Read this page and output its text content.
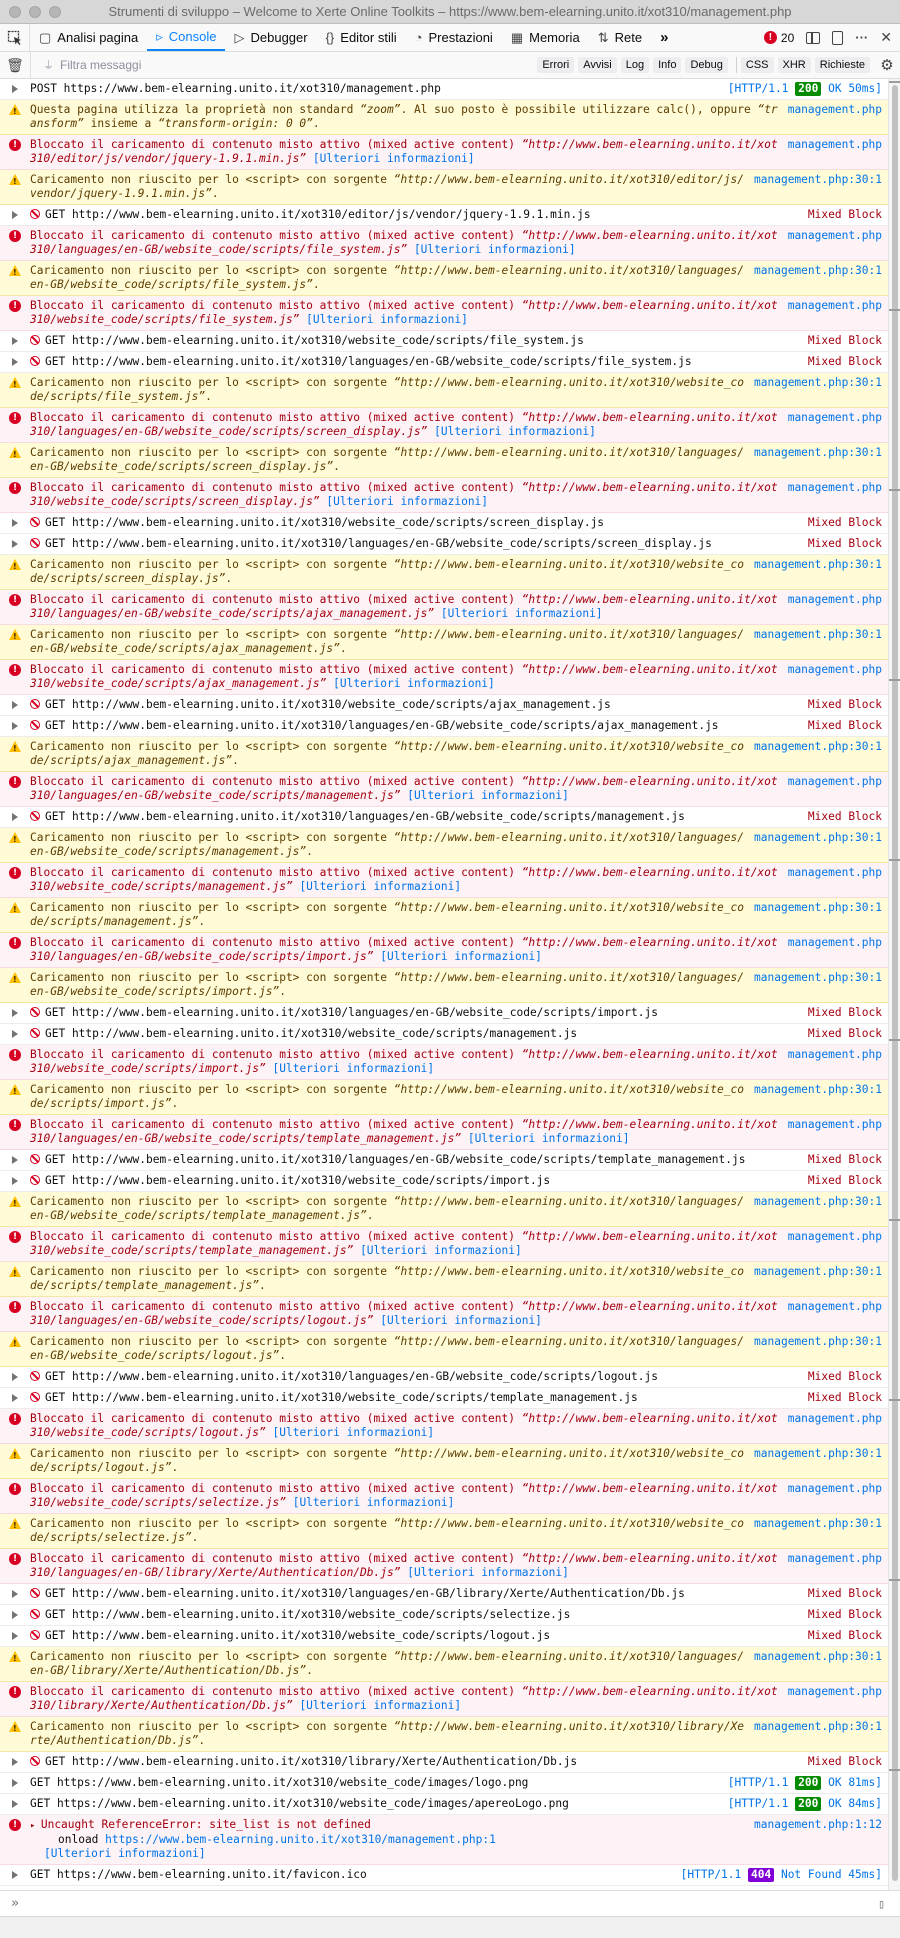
Strumenti di sviluppo – Welcome to Xerte Online Toolkits – https://www.bem-elearning.unito.it/xot310/management.php
▢ Analisi pagina ▹ Console ▷ Debugger {} Editor stili ◔ Prestazioni ▦ Memoria ⇅ Rete »	! 20	··· ✕
🗑	⏚ Filtra messaggi	Errori	Avvisi	Log	Info	Debug	CSS	XHR	Richieste	⚙
POST https://www.bem-elearning.unito.it/xot310/management.php	[HTTP/1.1 200 OK 50ms]
!
Questa pagina utilizza la proprietà non standard “zoom”. Al suo posto è possibile utilizzare calc(), oppure “transform” insieme a “transform-origin: 0 0”.
management.php
!	Bloccato il caricamento di contenuto misto attivo (mixed active content) “http://www.bem-elearning.unito.it/xot310/editor/js/vendor/jquery-1.9.1.min.js” [Ulteriori informazioni]
management.php
!
Caricamento non riuscito per lo <script> con sorgente “http://www.bem-elearning.unito.it/xot310/editor/js/vendor/jquery-1.9.1.min.js”.
management.php:30:1
GET http://www.bem-elearning.unito.it/xot310/editor/js/vendor/jquery-1.9.1.min.js	Mixed Block
!	Bloccato il caricamento di contenuto misto attivo (mixed active content) “http://www.bem-elearning.unito.it/xot310/languages/en-GB/website_code/scripts/file_system.js” [Ulteriori informazioni]
management.php
!
Caricamento non riuscito per lo <script> con sorgente “http://www.bem-elearning.unito.it/xot310/languages/en-GB/website_code/scripts/file_system.js”.
management.php:30:1
!	Bloccato il caricamento di contenuto misto attivo (mixed active content) “http://www.bem-elearning.unito.it/xot310/website_code/scripts/file_system.js” [Ulteriori informazioni]
management.php
GET http://www.bem-elearning.unito.it/xot310/website_code/scripts/file_system.js	Mixed Block
GET http://www.bem-elearning.unito.it/xot310/languages/en-GB/website_code/scripts/file_system.js	Mixed Block
!
Caricamento non riuscito per lo <script> con sorgente “http://www.bem-elearning.unito.it/xot310/website_code/scripts/file_system.js”.
management.php:30:1
!	Bloccato il caricamento di contenuto misto attivo (mixed active content) “http://www.bem-elearning.unito.it/xot310/languages/en-GB/website_code/scripts/screen_display.js” [Ulteriori informazioni]
management.php
!
Caricamento non riuscito per lo <script> con sorgente “http://www.bem-elearning.unito.it/xot310/languages/en-GB/website_code/scripts/screen_display.js”.
management.php:30:1
!	Bloccato il caricamento di contenuto misto attivo (mixed active content) “http://www.bem-elearning.unito.it/xot310/website_code/scripts/screen_display.js” [Ulteriori informazioni]
management.php
GET http://www.bem-elearning.unito.it/xot310/website_code/scripts/screen_display.js	Mixed Block
GET http://www.bem-elearning.unito.it/xot310/languages/en-GB/website_code/scripts/screen_display.js	Mixed Block
!
Caricamento non riuscito per lo <script> con sorgente “http://www.bem-elearning.unito.it/xot310/website_code/scripts/screen_display.js”.
management.php:30:1
!	Bloccato il caricamento di contenuto misto attivo (mixed active content) “http://www.bem-elearning.unito.it/xot310/languages/en-GB/website_code/scripts/ajax_management.js” [Ulteriori informazioni]
management.php
!
Caricamento non riuscito per lo <script> con sorgente “http://www.bem-elearning.unito.it/xot310/languages/en-GB/website_code/scripts/ajax_management.js”.
management.php:30:1
!	Bloccato il caricamento di contenuto misto attivo (mixed active content) “http://www.bem-elearning.unito.it/xot310/website_code/scripts/ajax_management.js” [Ulteriori informazioni]
management.php
GET http://www.bem-elearning.unito.it/xot310/website_code/scripts/ajax_management.js	Mixed Block
GET http://www.bem-elearning.unito.it/xot310/languages/en-GB/website_code/scripts/ajax_management.js	Mixed Block
!
Caricamento non riuscito per lo <script> con sorgente “http://www.bem-elearning.unito.it/xot310/website_code/scripts/ajax_management.js”.
management.php:30:1
!	Bloccato il caricamento di contenuto misto attivo (mixed active content) “http://www.bem-elearning.unito.it/xot310/languages/en-GB/website_code/scripts/management.js” [Ulteriori informazioni]
management.php
GET http://www.bem-elearning.unito.it/xot310/languages/en-GB/website_code/scripts/management.js	Mixed Block
!
Caricamento non riuscito per lo <script> con sorgente “http://www.bem-elearning.unito.it/xot310/languages/en-GB/website_code/scripts/management.js”.
management.php:30:1
!	Bloccato il caricamento di contenuto misto attivo (mixed active content) “http://www.bem-elearning.unito.it/xot310/website_code/scripts/management.js” [Ulteriori informazioni]
management.php
!
Caricamento non riuscito per lo <script> con sorgente “http://www.bem-elearning.unito.it/xot310/website_code/scripts/management.js”.
management.php:30:1
!	Bloccato il caricamento di contenuto misto attivo (mixed active content) “http://www.bem-elearning.unito.it/xot310/languages/en-GB/website_code/scripts/import.js” [Ulteriori informazioni]
management.php
!
Caricamento non riuscito per lo <script> con sorgente “http://www.bem-elearning.unito.it/xot310/languages/en-GB/website_code/scripts/import.js”.
management.php:30:1
GET http://www.bem-elearning.unito.it/xot310/languages/en-GB/website_code/scripts/import.js	Mixed Block
GET http://www.bem-elearning.unito.it/xot310/website_code/scripts/management.js	Mixed Block
!	Bloccato il caricamento di contenuto misto attivo (mixed active content) “http://www.bem-elearning.unito.it/xot310/website_code/scripts/import.js” [Ulteriori informazioni]
management.php
!
Caricamento non riuscito per lo <script> con sorgente “http://www.bem-elearning.unito.it/xot310/website_code/scripts/import.js”.
management.php:30:1
!	Bloccato il caricamento di contenuto misto attivo (mixed active content) “http://www.bem-elearning.unito.it/xot310/languages/en-GB/website_code/scripts/template_management.js” [Ulteriori informazioni]
management.php
GET http://www.bem-elearning.unito.it/xot310/languages/en-GB/website_code/scripts/template_management.js	Mixed Block
GET http://www.bem-elearning.unito.it/xot310/website_code/scripts/import.js	Mixed Block
!
Caricamento non riuscito per lo <script> con sorgente “http://www.bem-elearning.unito.it/xot310/languages/en-GB/website_code/scripts/template_management.js”.
management.php:30:1
!	Bloccato il caricamento di contenuto misto attivo (mixed active content) “http://www.bem-elearning.unito.it/xot310/website_code/scripts/template_management.js” [Ulteriori informazioni]
management.php
!
Caricamento non riuscito per lo <script> con sorgente “http://www.bem-elearning.unito.it/xot310/website_code/scripts/template_management.js”.
management.php:30:1
!	Bloccato il caricamento di contenuto misto attivo (mixed active content) “http://www.bem-elearning.unito.it/xot310/languages/en-GB/website_code/scripts/logout.js” [Ulteriori informazioni]
management.php
!
Caricamento non riuscito per lo <script> con sorgente “http://www.bem-elearning.unito.it/xot310/languages/en-GB/website_code/scripts/logout.js”.
management.php:30:1
GET http://www.bem-elearning.unito.it/xot310/languages/en-GB/website_code/scripts/logout.js	Mixed Block
GET http://www.bem-elearning.unito.it/xot310/website_code/scripts/template_management.js	Mixed Block
!	Bloccato il caricamento di contenuto misto attivo (mixed active content) “http://www.bem-elearning.unito.it/xot310/website_code/scripts/logout.js” [Ulteriori informazioni]
management.php
!
Caricamento non riuscito per lo <script> con sorgente “http://www.bem-elearning.unito.it/xot310/website_code/scripts/logout.js”.
management.php:30:1
!	Bloccato il caricamento di contenuto misto attivo (mixed active content) “http://www.bem-elearning.unito.it/xot310/website_code/scripts/selectize.js” [Ulteriori informazioni]
management.php
!
Caricamento non riuscito per lo <script> con sorgente “http://www.bem-elearning.unito.it/xot310/website_code/scripts/selectize.js”.
management.php:30:1
!	Bloccato il caricamento di contenuto misto attivo (mixed active content) “http://www.bem-elearning.unito.it/xot310/languages/en-GB/library/Xerte/Authentication/Db.js” [Ulteriori informazioni]
management.php
GET http://www.bem-elearning.unito.it/xot310/languages/en-GB/library/Xerte/Authentication/Db.js	Mixed Block
GET http://www.bem-elearning.unito.it/xot310/website_code/scripts/selectize.js	Mixed Block
GET http://www.bem-elearning.unito.it/xot310/website_code/scripts/logout.js	Mixed Block
!
Caricamento non riuscito per lo <script> con sorgente “http://www.bem-elearning.unito.it/xot310/languages/en-GB/library/Xerte/Authentication/Db.js”.
management.php:30:1
!	Bloccato il caricamento di contenuto misto attivo (mixed active content) “http://www.bem-elearning.unito.it/xot310/library/Xerte/Authentication/Db.js” [Ulteriori informazioni]
management.php
!
Caricamento non riuscito per lo <script> con sorgente “http://www.bem-elearning.unito.it/xot310/library/Xerte/Authentication/Db.js”.
management.php:30:1
GET http://www.bem-elearning.unito.it/xot310/library/Xerte/Authentication/Db.js	Mixed Block
GET https://www.bem-elearning.unito.it/xot310/website_code/images/logo.png	[HTTP/1.1 200 OK 81ms]
GET https://www.bem-elearning.unito.it/xot310/website_code/images/apereoLogo.png	[HTTP/1.1 200 OK 84ms]
!	▸ Uncaught ReferenceError: site_list is not defined
onload https://www.bem-elearning.unito.it/xot310/management.php:1
[Ulteriori informazioni]
management.php:1:12
GET https://www.bem-elearning.unito.it/favicon.ico	[HTTP/1.1 404 Not Found 45ms]
»	▯
